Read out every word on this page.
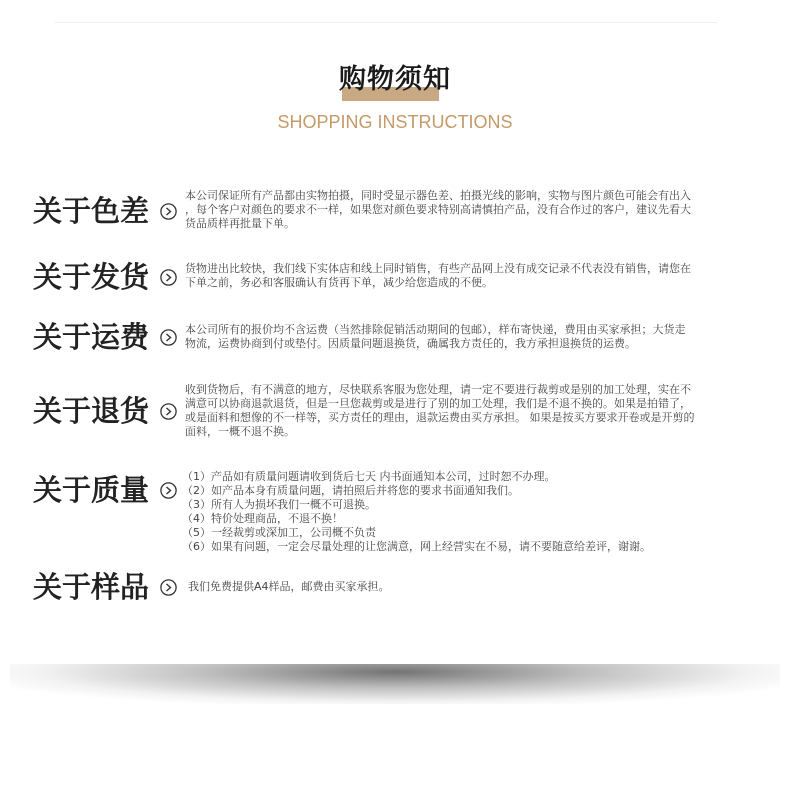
购物须知
SHOPPING INSTRUCTIONS
关于色差	本公司保证所有产品都由实物拍摄，同时受显示器色差、拍摄光线的影响，实物与图片颜色可能会有出入
，每个客户对颜色的要求不一样，如果您对颜色要求特别高请慎拍产品，没有合作过的客户，建议先看大
货品质样再批量下单。
关于发货	货物进出比较快，我们线下实体店和线上同时销售，有些产品网上没有成交记录不代表没有销售，请您在
下单之前，务必和客服确认有货再下单，减少给您造成的不便。
关于运费	本公司所有的报价均不含运费（当然排除促销活动期间的包邮），样布寄快递，费用由买家承担；大货走
物流，运费协商到付或垫付。因质量问题退换货，确属我方责任的，我方承担退换货的运费。
关于退货
收到货物后，有不满意的地方，尽快联系客服为您处理，请一定不要进行裁剪或是别的加工处理，实在不
满意可以协商退款退货，但是一旦您裁剪或是进行了别的加工处理，我们是不退不换的。如果是拍错了，
或是面料和想像的不一样等，买方责任的理由，退款运费由买方承担。 如果是按买方要求开卷或是开剪的
面料，一概不退不换。
关于质量	（1）产品如有质量问题请收到货后七天 内书面通知本公司，过时恕不办理。
（2）如产品本身有质量问题，请拍照后并将您的要求书面通知我们。
（3）所有人为损坏我们一概不可退换。
（4）特价处理商品，不退不换！
（5）一经裁剪或深加工，公司概不负责
（6）如果有问题，一定会尽量处理的让您满意，网上经营实在不易，请不要随意给差评，谢谢。
关于样品	我们免费提供A4样品，邮费由买家承担。
